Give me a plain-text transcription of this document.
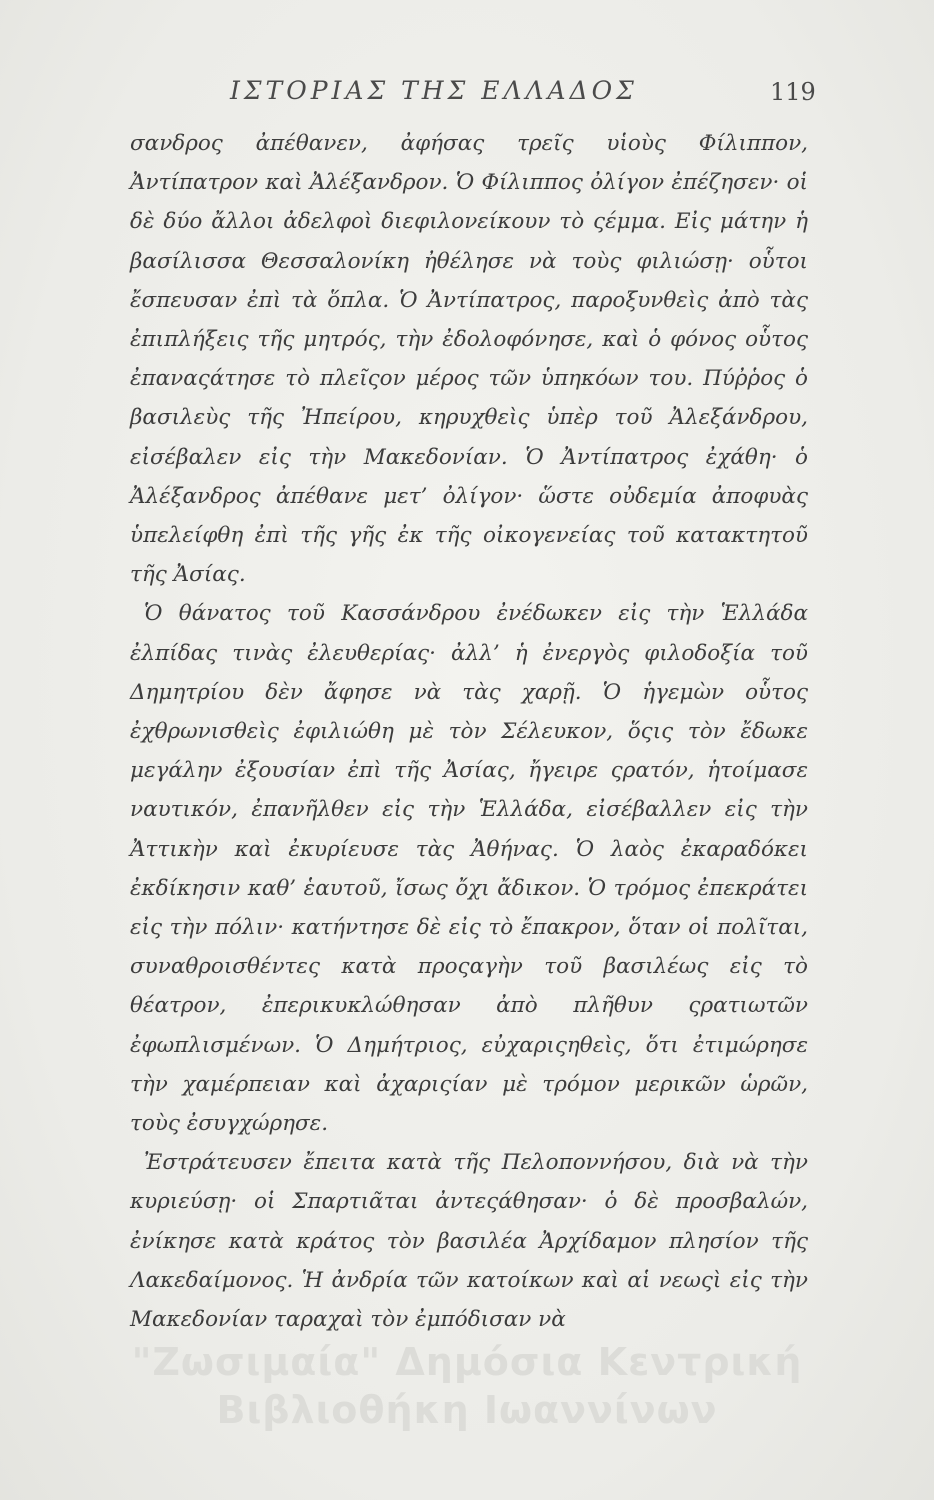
ΙΣΤΟΡΙΑΣ ΤΗΣ ΕΛΛΑΔΟΣ	119

σανδρος ἀπέθανεν, ἀφήσας τρεῖς υἱοὺς Φίλιππον, Ἀντίπατρον καὶ Ἀλέξανδρον. Ὁ Φίλιππος ὀλίγον ἐπέζησεν· οἱ δὲ δύο ἄλλοι ἀδελφοὶ διεφιλονείκουν τὸ ςέμμα. Εἰς μάτην ἡ βασίλισσα Θεσσαλονίκη ἠθέλησε νὰ τοὺς φιλιώσῃ· οὗτοι ἔσπευσαν ἐπὶ τὰ ὅπλα. Ὁ Ἀντίπατρος, παροξυνθεὶς ἀπὸ τὰς ἐπιπλήξεις τῆς μητρός, τὴν ἐδολοφόνησε, καὶ ὁ φόνος οὗτος ἐπαναςάτησε τὸ πλεῖςον μέρος τῶν ὑπηκόων του. Πύῤῥος ὁ βασιλεὺς τῆς Ἠπείρου, κηρυχθεὶς ὑπὲρ τοῦ Ἀλεξάνδρου, εἰσέβαλεν εἰς τὴν Μακεδονίαν. Ὁ Ἀντίπατρος ἐχάθη· ὁ Ἀλέξανδρος ἀπέθανε μετ’ ὀλίγον· ὥστε οὐδεμία ἀποφυὰς ὑπελείφθη ἐπὶ τῆς γῆς ἐκ τῆς οἰκογενείας τοῦ κατακτητοῦ τῆς Ἀσίας.

Ὁ θάνατος τοῦ Κασσάνδρου ἐνέδωκεν εἰς τὴν Ἑλλάδα ἐλπίδας τινὰς ἐλευθερίας· ἀλλ’ ἡ ἐνεργὸς φιλοδοξία τοῦ Δημητρίου δὲν ἄφησε νὰ τὰς χαρῇ. Ὁ ἡγεμὼν οὗτος ἐχθρωνισθεὶς ἐφιλιώθη μὲ τὸν Σέλευκον, ὅςις τὸν ἔδωκε μεγάλην ἐξουσίαν ἐπὶ τῆς Ἀσίας, ἤγειρε ςρατόν, ἡτοίμασε ναυτικόν, ἐπανῆλθεν εἰς τὴν Ἑλλάδα, εἰσέβαλλεν εἰς τὴν Ἀττικὴν καὶ ἐκυρίευσε τὰς Ἀθήνας. Ὁ λαὸς ἐκαραδόκει ἐκδίκησιν καθ’ ἑαυτοῦ, ἴσως ὄχι ἄδικον. Ὁ τρόμος ἐπεκράτει εἰς τὴν πόλιν· κατήντησε δὲ εἰς τὸ ἔπακρον, ὅταν οἱ πολῖται, συναθροισθέντες κατὰ προςαγὴν τοῦ βασιλέως εἰς τὸ θέατρον, ἐπερικυκλώθησαν ἀπὸ πλῆθυν ςρατιωτῶν ἐφωπλισμένων. Ὁ Δημήτριος, εὐχαριςηθεὶς, ὅτι ἐτιμώρησε τὴν χαμέρπειαν καὶ ἀχαριςίαν μὲ τρόμον μερικῶν ὡρῶν, τοὺς ἐσυγχώρησε.

Ἐστράτευσεν ἔπειτα κατὰ τῆς Πελοποννήσου, διὰ νὰ τὴν κυριεύσῃ· οἱ Σπαρτιᾶται ἀντεςάθησαν· ὁ δὲ προσβαλών, ἐνίκησε κατὰ κράτος τὸν βασιλέα Ἀρχίδαμον πλησίον τῆς Λακεδαίμονος. Ἡ ἀνδρία τῶν κατοίκων καὶ αἱ νεωςὶ εἰς τὴν Μακεδονίαν ταραχαὶ τὸν ἐμπόδισαν νὰ

"Ζωσιμαία" Δημόσια Κεντρική
Βιβλιοθήκη Ιωαννίνων
